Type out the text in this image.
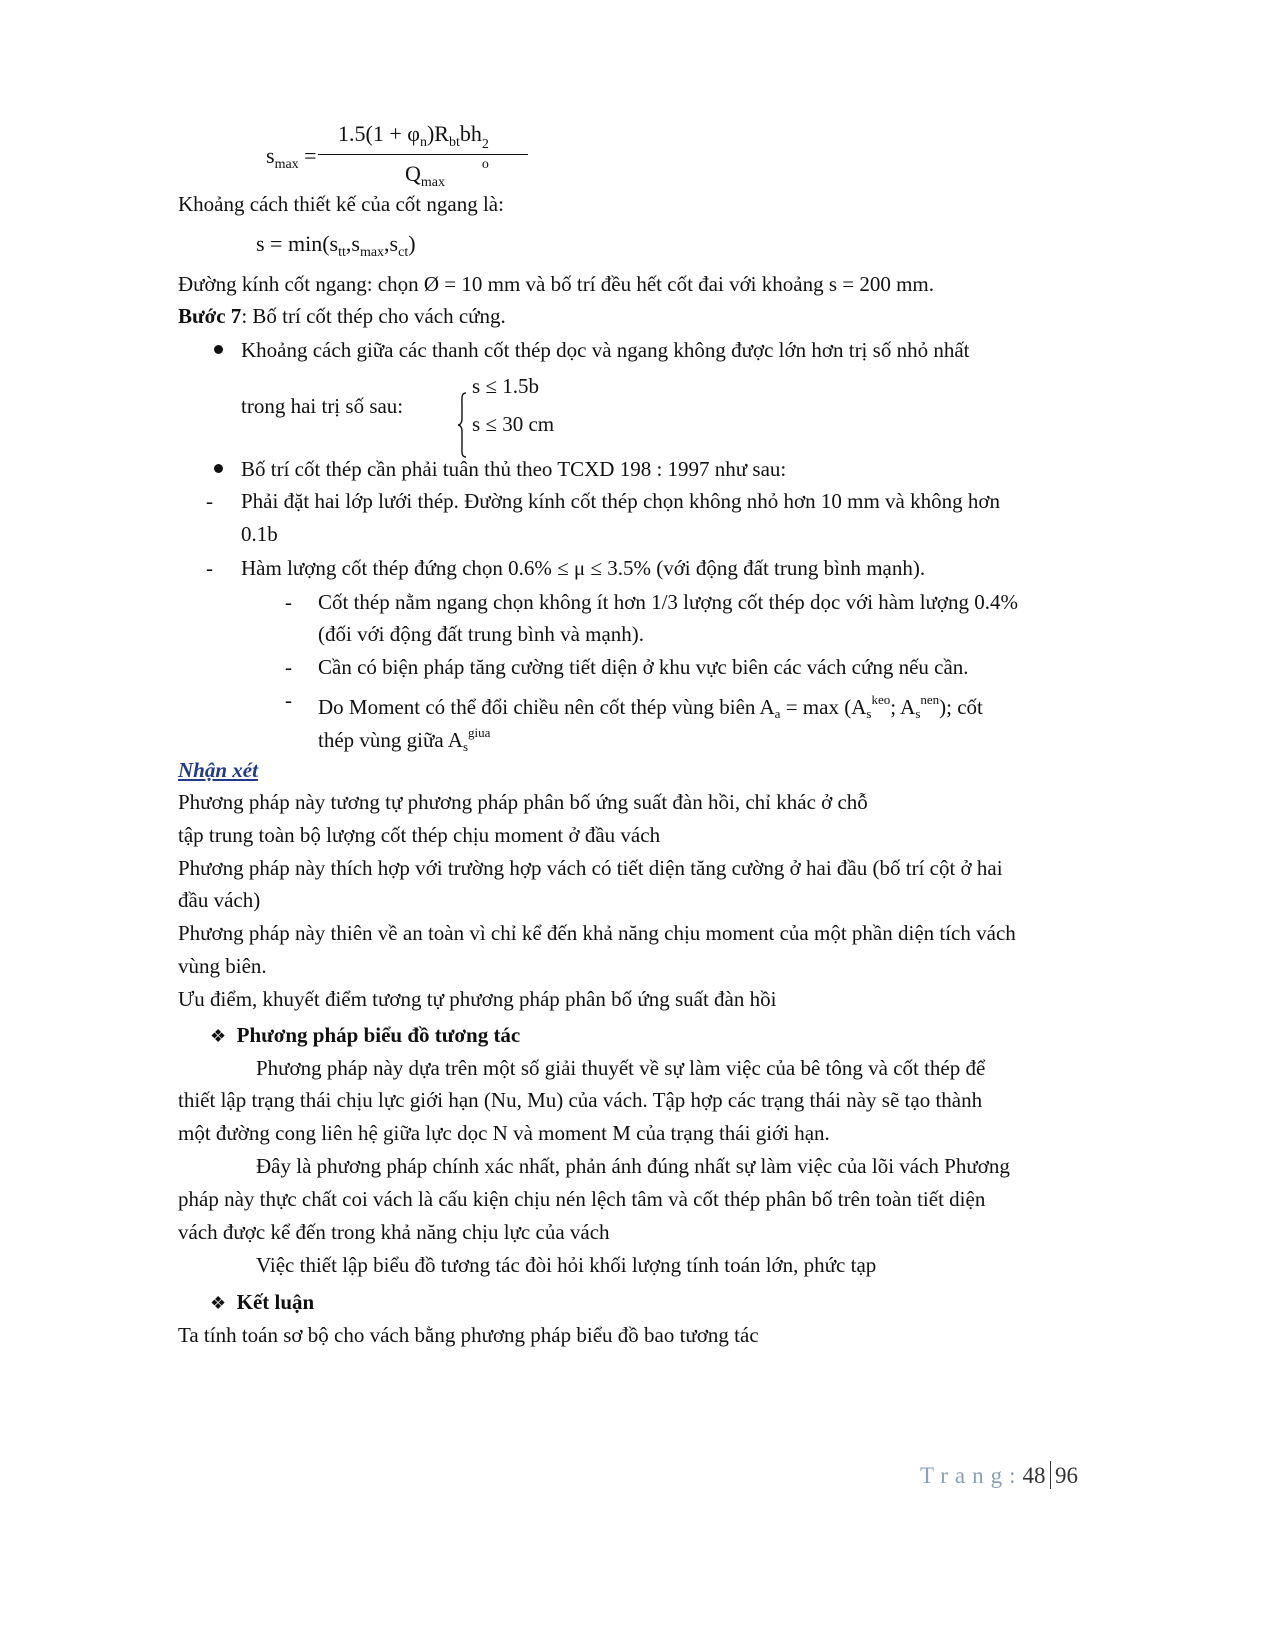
$s_{max}$ =
$1.5(1 + \varphi_n)R_{bt}bh$ 2
o
$Q_{max}$
Khoảng cách thiết kế của cốt ngang là:
$s = \min(s_{tt},s_{max},s_{ct})$
Đường kính cốt ngang: chọn Ø = 10 mm và bố trí đều hết cốt đai với khoảng s = 200 mm.
Bước 7: Bố trí cốt thép cho vách cứng.
Khoảng cách giữa các thanh cốt thép dọc và ngang không được lớn hơn trị số nhỏ nhất
trong hai trị số sau:
s ≤ 1.5b
s ≤ 30 cm
Bố trí cốt thép cần phải tuân thủ theo TCXD 198 : 1997 như sau:
- Phải đặt hai lớp lưới thép. Đường kính cốt thép chọn không nhỏ hơn 10 mm và không hơn
0.1b
- Hàm lượng cốt thép đứng chọn 0.6% ≤ μ ≤ 3.5% (với động đất trung bình mạnh).
- Cốt thép nằm ngang chọn không ít hơn 1/3 lượng cốt thép dọc với hàm lượng 0.4%
(đối với động đất trung bình và mạnh).
- Cần có biện pháp tăng cường tiết diện ở khu vực biên các vách cứng nếu cần.
- Do Moment có thể đổi chiều nên cốt thép vùng biên $Aa = \max (As^{keo}$; $As^{nen}$); cốt
thép vùng giữa $As^{giua}$
Nhận xét
Phương pháp này tương tự phương pháp phân bố ứng suất đàn hồi, chỉ khác ở chỗ
tập trung toàn bộ lượng cốt thép chịu moment ở đầu vách
Phương pháp này thích hợp với trường hợp vách có tiết diện tăng cường ở hai đầu (bố trí cột ở hai
đầu vách)
Phương pháp này thiên về an toàn vì chỉ kể đến khả năng chịu moment của một phần diện tích vách
vùng biên.
Ưu điểm, khuyết điểm tương tự phương pháp phân bố ứng suất đàn hồi
❖ Phương pháp biểu đồ tương tác
Phương pháp này dựa trên một số giải thuyết về sự làm việc của bê tông và cốt thép để
thiết lập trạng thái chịu lực giới hạn (Nu, Mu) của vách. Tập hợp các trạng thái này sẽ tạo thành
một đường cong liên hệ giữa lực dọc N và moment M của trạng thái giới hạn.
Đây là phương pháp chính xác nhất, phản ánh đúng nhất sự làm việc của lõi vách Phương
pháp này thực chất coi vách là cấu kiện chịu nén lệch tâm và cốt thép phân bố trên toàn tiết diện
vách được kể đến trong khả năng chịu lực của vách
Việc thiết lập biểu đồ tương tác đòi hỏi khối lượng tính toán lớn, phức tạp
❖ Kết luận
Ta tính toán sơ bộ cho vách bằng phương pháp biểu đồ bao tương tác
Trang:48 96
